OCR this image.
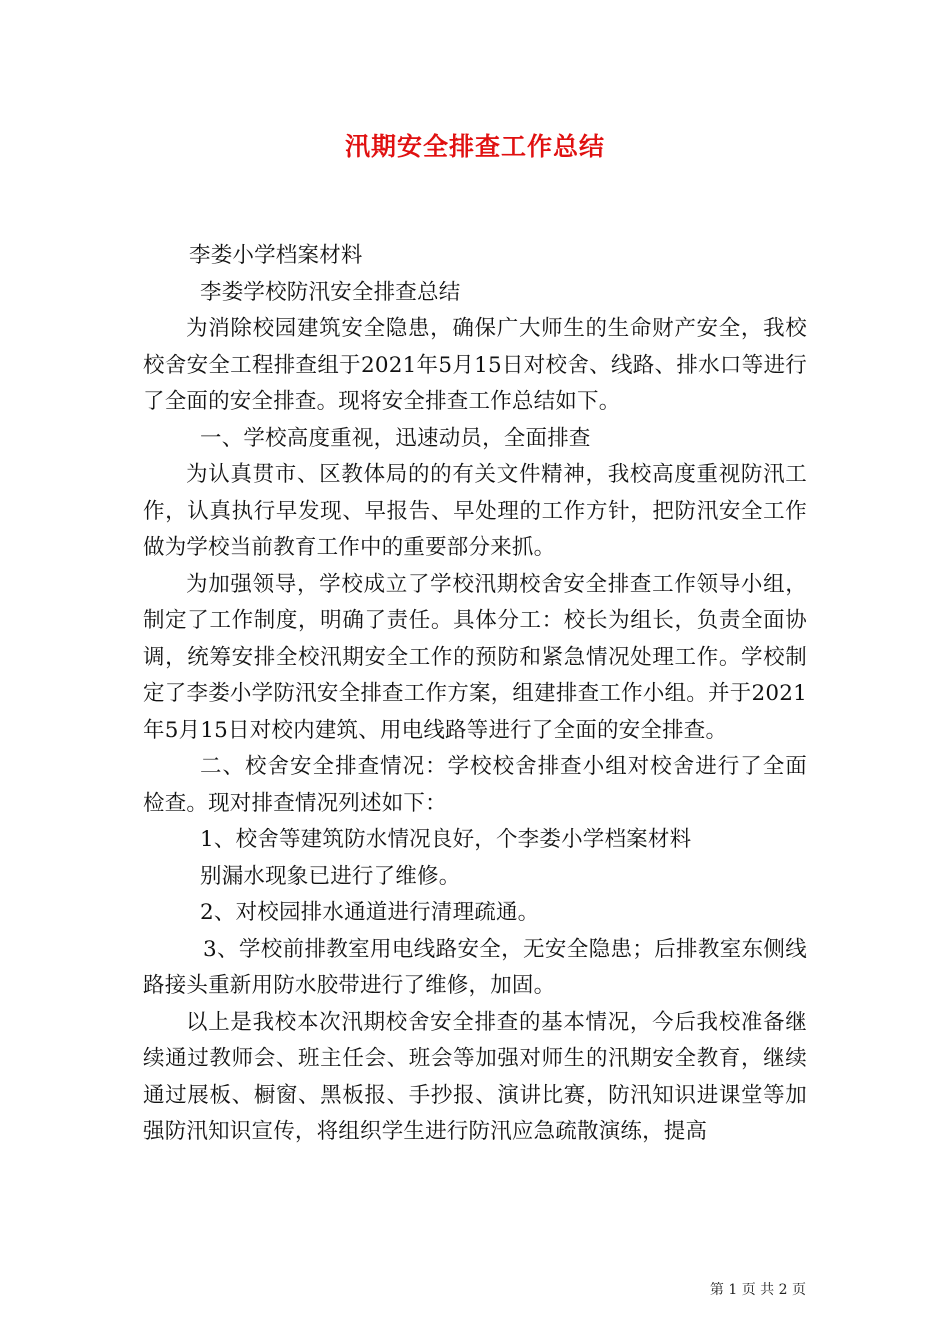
汛期安全排查工作总结

李娄小学档案材料

李娄学校防汛安全排查总结

为消除校园建筑安全隐患，确保广大师生的生命财产安全，我校校舍安全工程排查组于2021年5月15日对校舍、线路、排水口等进行了全面的安全排查。现将安全排查工作总结如下。

一、学校高度重视，迅速动员，全面排查

为认真贯市、区教体局的的有关文件精神，我校高度重视防汛工作，认真执行早发现、早报告、早处理的工作方针，把防汛安全工作做为学校当前教育工作中的重要部分来抓。

为加强领导，学校成立了学校汛期校舍安全排查工作领导小组，制定了工作制度，明确了责任。具体分工：校长为组长，负责全面协调，统筹安排全校汛期安全工作的预防和紧急情况处理工作。学校制定了李娄小学防汛安全排查工作方案，组建排查工作小组。并于2021年5月15日对校内建筑、用电线路等进行了全面的安全排查。

二、校舍安全排查情况：学校校舍排查小组对校舍进行了全面检查。现对排查情况列述如下：

1、校舍等建筑防水情况良好，个李娄小学档案材料

别漏水现象已进行了维修。

2、对校园排水通道进行清理疏通。

3、学校前排教室用电线路安全，无安全隐患；后排教室东侧线路接头重新用防水胶带进行了维修，加固。

以上是我校本次汛期校舍安全排查的基本情况，今后我校准备继续通过教师会、班主任会、班会等加强对师生的汛期安全教育，继续通过展板、橱窗、黑板报、手抄报、演讲比赛，防汛知识进课堂等加强防汛知识宣传，将组织学生进行防汛应急疏散演练，提高

第 1 页 共 2 页
